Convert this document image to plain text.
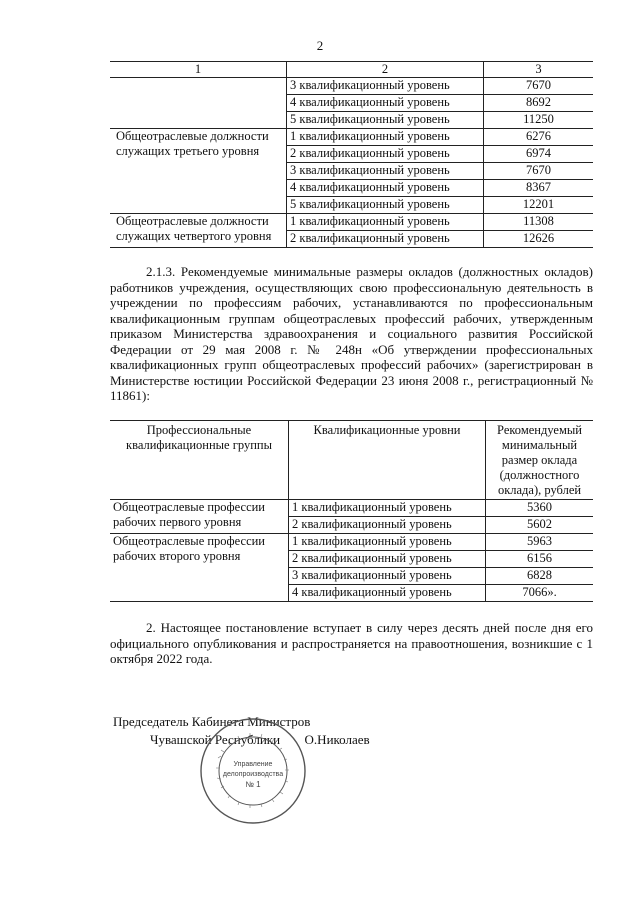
2
1	2	3
	3 квалификационный уровень	7670
	4 квалификационный уровень	8692
	5 квалификационный уровень	11250
Общеотраслевые должности служащих третьего уровня	1 квалификационный уровень	6276
	2 квалификационный уровень	6974
	3 квалификационный уровень	7670
	4 квалификационный уровень	8367
	5 квалификационный уровень	12201
Общеотраслевые должности служащих четвертого уровня	1 квалификационный уровень	11308
	2 квалификационный уровень	12626
2.1.3. Рекомендуемые минимальные размеры окладов (должностных окладов) работников учреждения, осуществляющих свою профессиональную деятельность в учреждении по профессиям рабочих, устанавливаются по профессиональным квалификационным группам общеотраслевых профессий рабочих, утвержденным приказом Министерства здравоохранения и социального развития Российской Федерации от 29 мая 2008 г. № 248н «Об утверждении профессиональных квалификационных групп общеотраслевых профессий рабочих» (зарегистрирован в Министерстве юстиции Российской Федерации 23 июня 2008 г., регистрационный № 11861):
Профессиональные квалификационные группы	Квалификационные уровни	Рекомендуемый минимальный размер оклада (должностного оклада), рублей
Общеотраслевые профессии рабочих первого уровня	1 квалификационный уровень	5360
	2 квалификационный уровень	5602
Общеотраслевые профессии рабочих второго уровня	1 квалификационный уровень	5963
	2 квалификационный уровень	6156
	3 квалификационный уровень	6828
	4 квалификационный уровень	7066».
2. Настоящее постановление вступает в силу через десять дней после дня его официального опубликования и распространяется на правоотношения, возникшие с 1 октября 2022 года.
Председатель Кабинета Министров
Чувашской Республики О.Николаев
Управление
делопроизводства
№ 1
